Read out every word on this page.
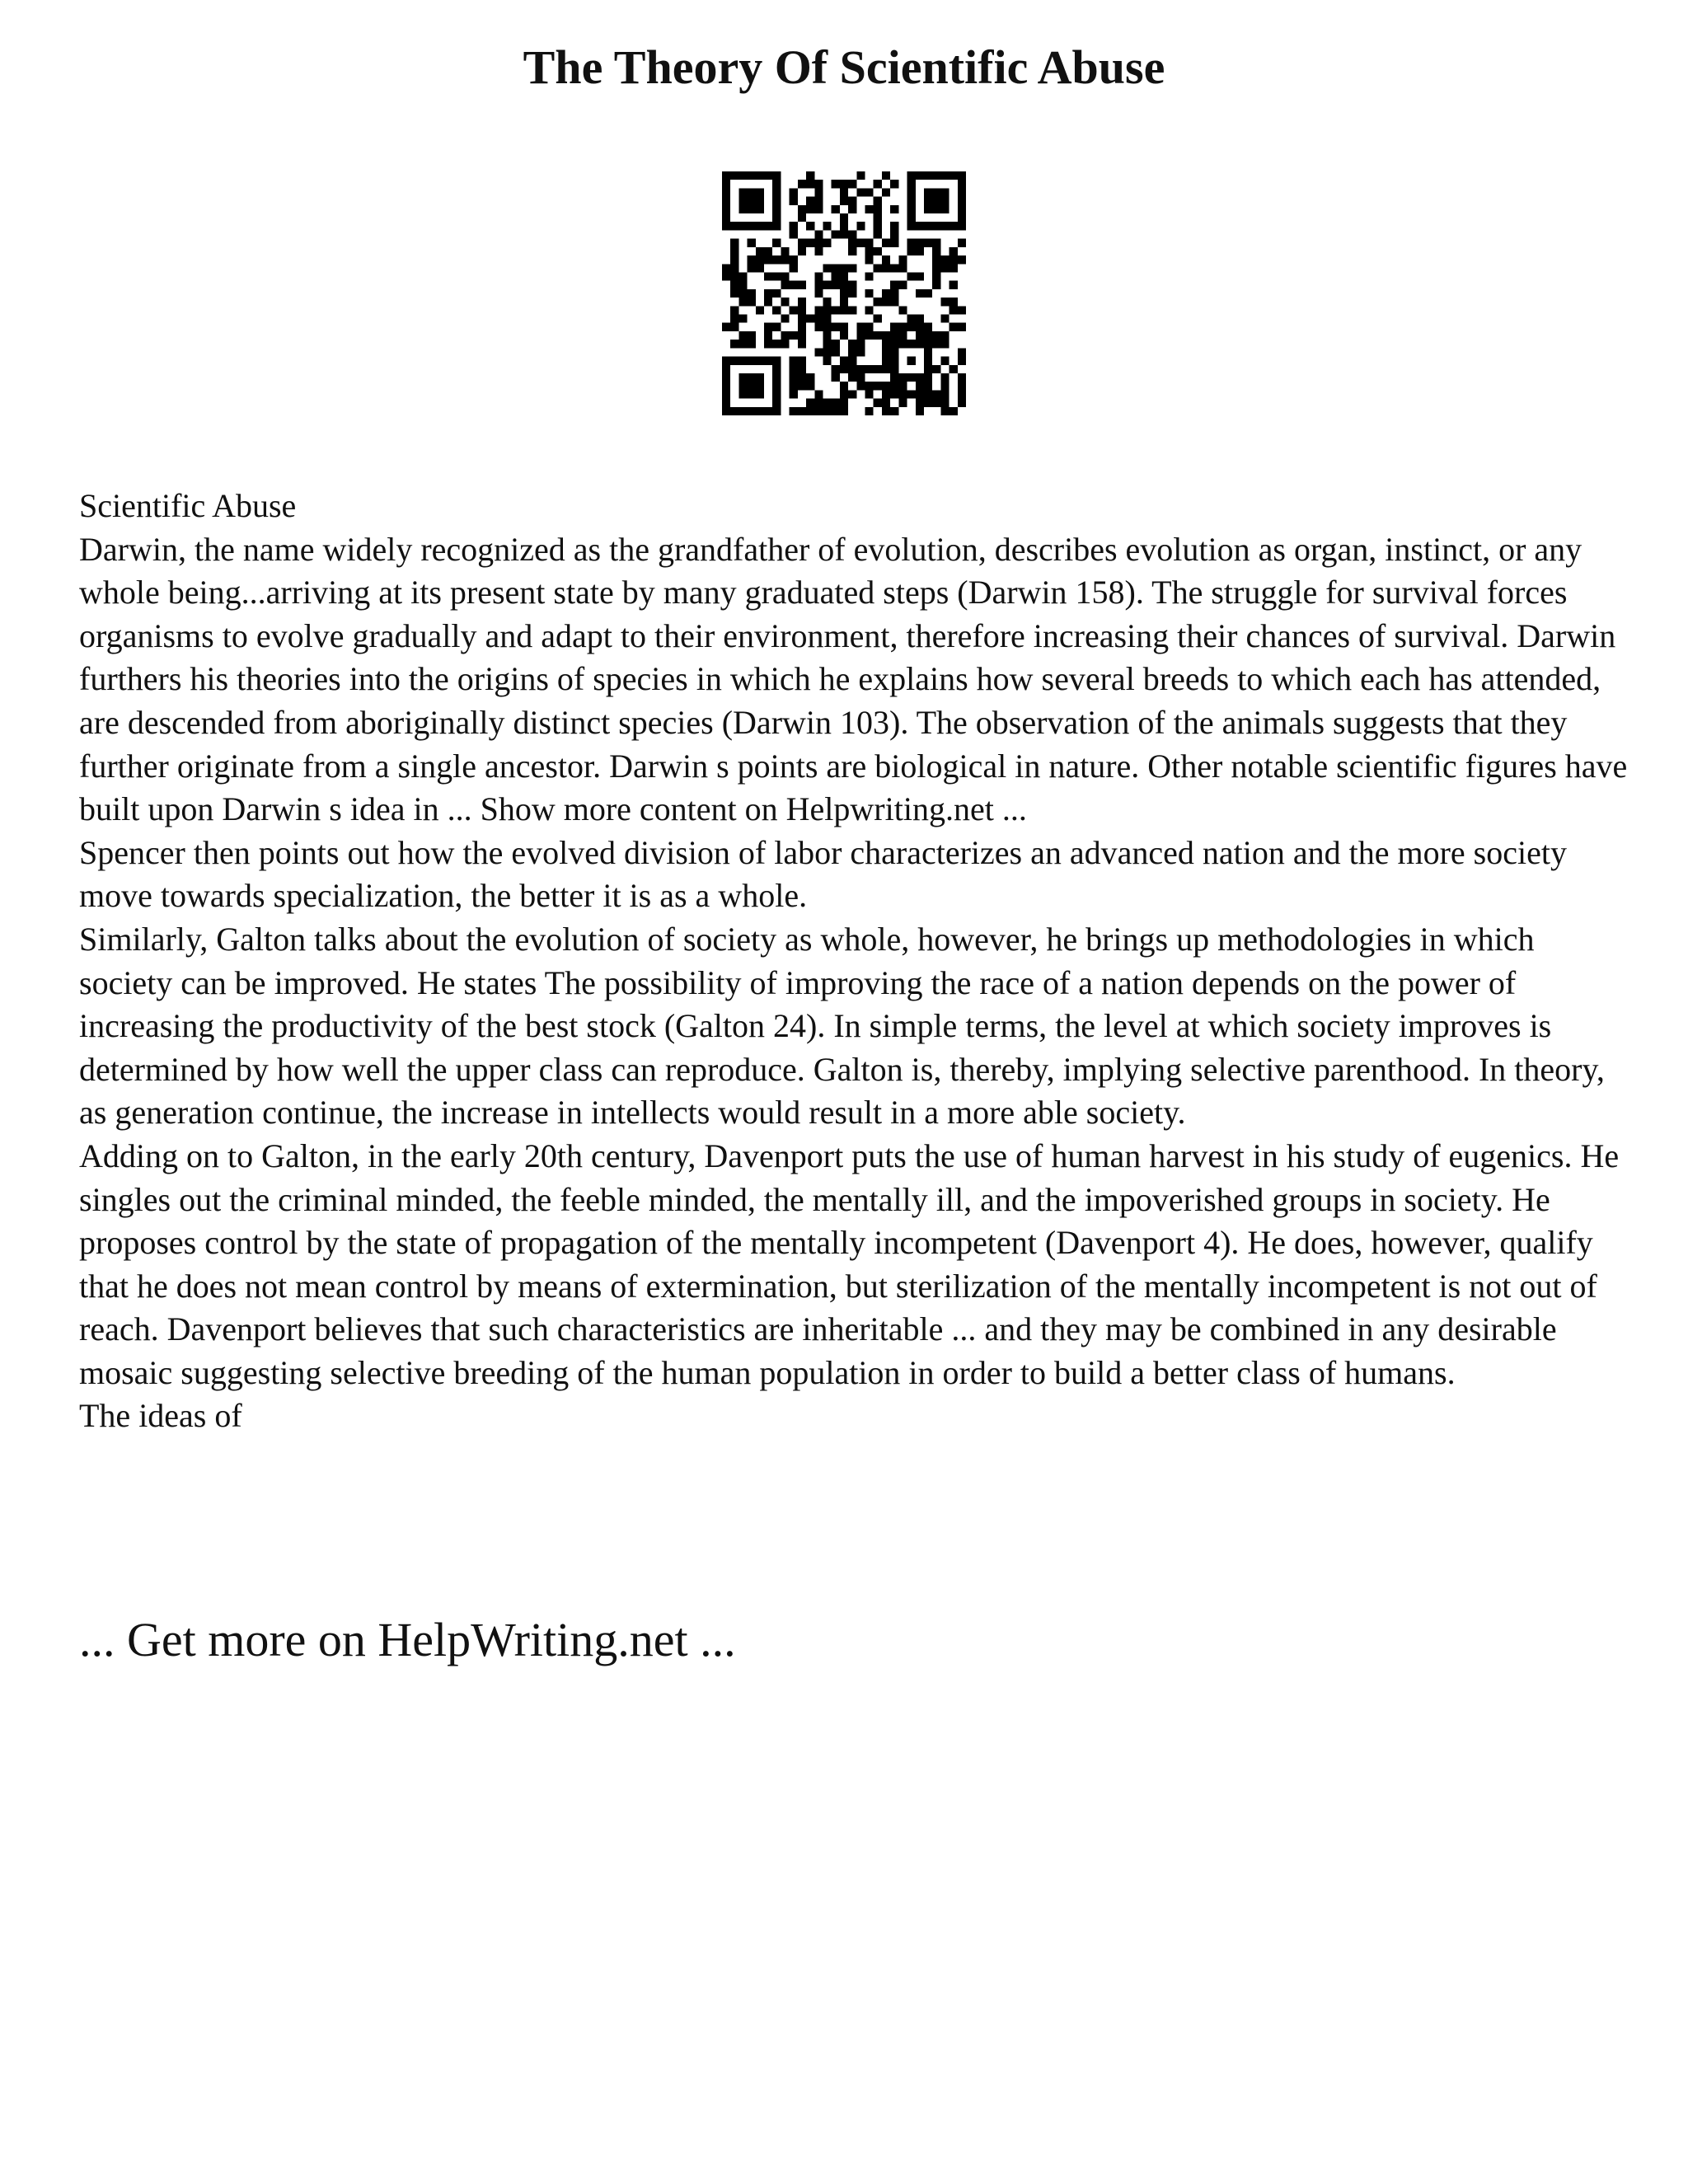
The Theory Of Scientific Abuse

Scientific Abuse

Darwin, the name widely recognized as the grandfather of evolution, describes evolution as organ, instinct, or any whole being...arriving at its present state by many graduated steps (Darwin 158). The struggle for survival forces organisms to evolve gradually and adapt to their environment, therefore increasing their chances of survival. Darwin furthers his theories into the origins of species in which he explains how several breeds to which each has attended, are descended from aboriginally distinct species (Darwin 103). The observation of the animals suggests that they further originate from a single ancestor. Darwin s points are biological in nature. Other notable scientific figures have built upon Darwin s idea in ... Show more content on Helpwriting.net ...

Spencer then points out how the evolved division of labor characterizes an advanced nation and the more society move towards specialization, the better it is as a whole.

Similarly, Galton talks about the evolution of society as whole, however, he brings up methodologies in which society can be improved. He states The possibility of improving the race of a nation depends on the power of increasing the productivity of the best stock (Galton 24). In simple terms, the level at which society improves is determined by how well the upper class can reproduce. Galton is, thereby, implying selective parenthood. In theory, as generation continue, the increase in intellects would result in a more able society.

Adding on to Galton, in the early 20th century, Davenport puts the use of human harvest in his study of eugenics. He singles out the criminal minded, the feeble minded, the mentally ill, and the impoverished groups in society. He proposes control by the state of propagation of the mentally incompetent (Davenport 4). He does, however, qualify that he does not mean control by means of extermination, but sterilization of the mentally incompetent is not out of reach. Davenport believes that such characteristics are inheritable ... and they may be combined in any desirable mosaic suggesting selective breeding of the human population in order to build a better class of humans.

The ideas of

... Get more on HelpWriting.net ...
